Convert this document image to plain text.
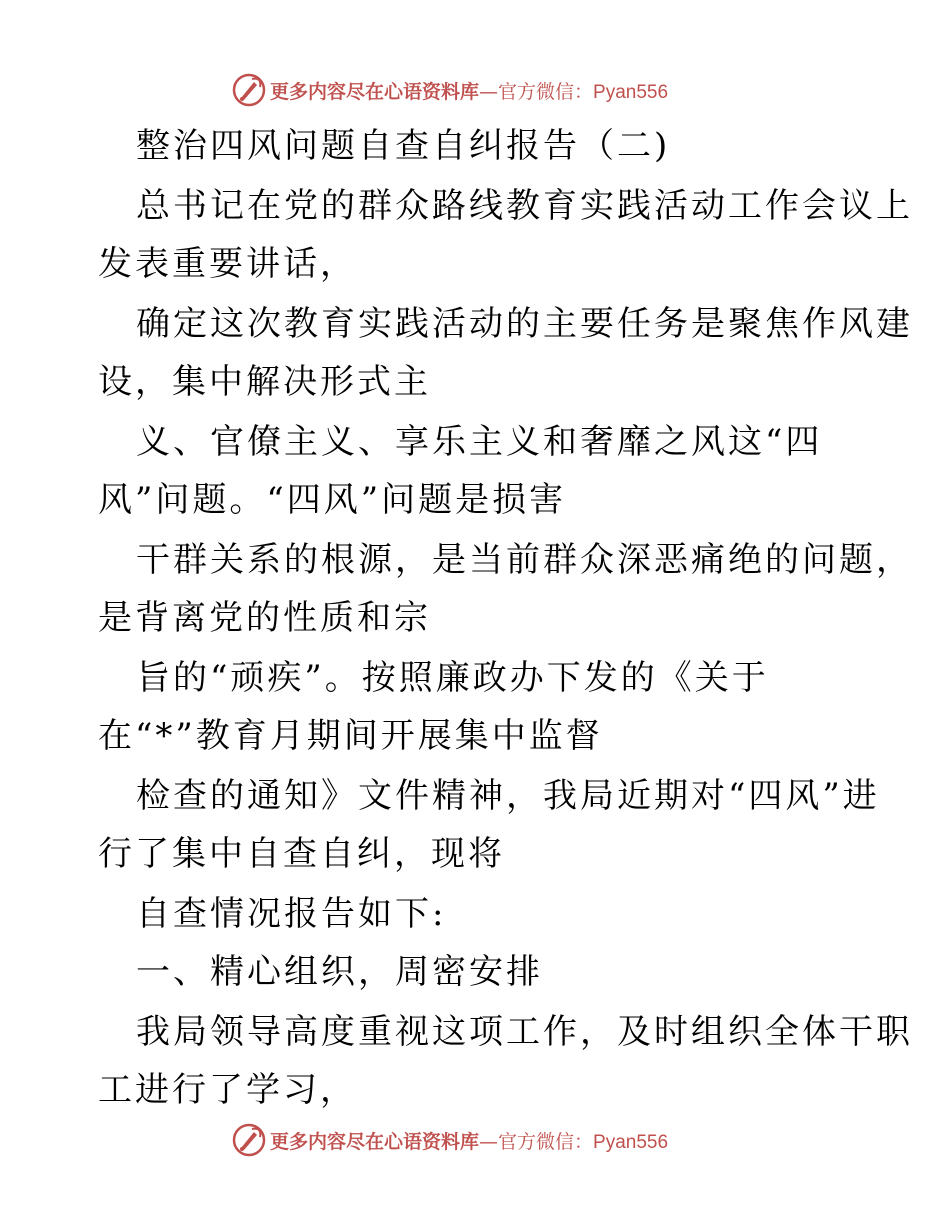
更多内容尽在心语资料库—官方微信：Pyan556
整治四风问题自查自纠报告（二)
总书记在党的群众路线教育实践活动工作会议上
发表重要讲话，
确定这次教育实践活动的主要任务是聚焦作风建
设，集中解决形式主
义、官僚主义、享乐主义和奢靡之风这“四
风”问题。“四风”问题是损害
干群关系的根源，是当前群众深恶痛绝的问题，
是背离党的性质和宗
旨的“顽疾”。按照廉政办下发的《关于
在“*”教育月期间开展集中监督
检查的通知》文件精神，我局近期对“四风”进
行了集中自查自纠，现将
自查情况报告如下:
一、精心组织，周密安排
我局领导高度重视这项工作，及时组织全体干职
工进行了学习，
更多内容尽在心语资料库—官方微信：Pyan556
